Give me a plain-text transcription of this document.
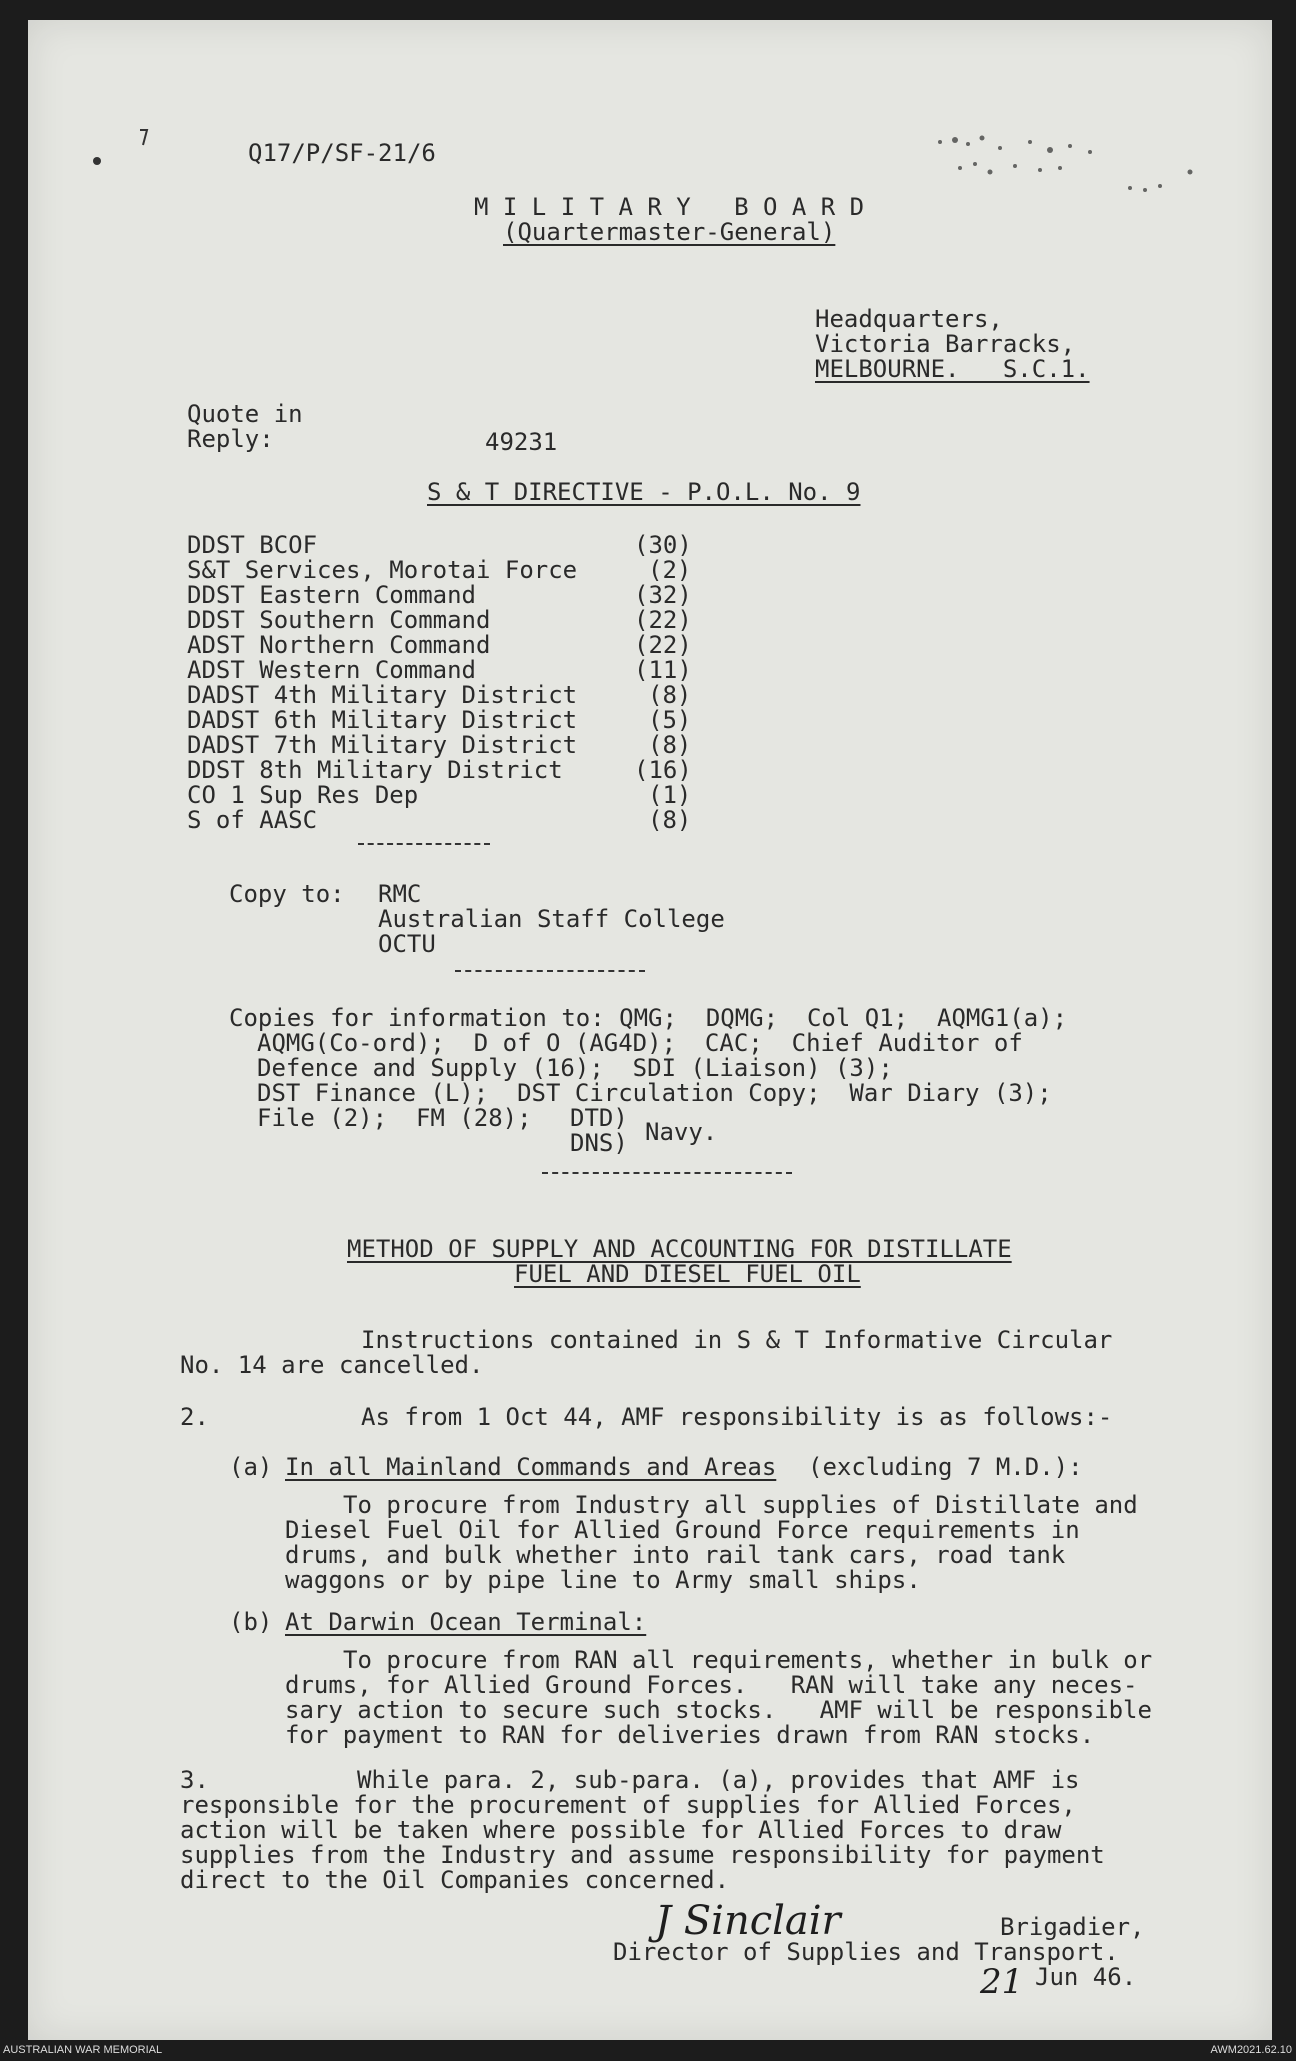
Q17/P/SF-21/6

M I L I T A R Y   B O A R D

(Quartermaster-General)

Headquarters,

Victoria Barracks,

MELBOURNE.   S.C.1.

Quote in

Reply:	49231

S & T DIRECTIVE - P.O.L. No. 9

DDST BCOF	(30)

S&T Services, Morotai Force	(2)

DDST Eastern Command	(32)

DDST Southern Command	(22)

ADST Northern Command	(22)

ADST Western Command	(11)

DADST 4th Military District	(8)

DADST 6th Military District	(5)

DADST 7th Military District	(8)

DDST 8th Military District	(16)

CO 1 Sup Res Dep	(1)

S of AASC	(8)

Copy to: RMC

Australian Staff College

OCTU

Copies for information to: QMG;  DQMG;  Col Q1;  AQMG1(a);

AQMG(Co-ord);  D of O (AG4D);  CAC;  Chief Auditor of

Defence and Supply (16);  SDI (Liaison) (3);

DST Finance (L);  DST Circulation Copy;  War Diary (3);

File (2);  FM (28); DTD)

DNS) Navy.

METHOD OF SUPPLY AND ACCOUNTING FOR DISTILLATE

FUEL AND DIESEL FUEL OIL

Instructions contained in S & T Informative Circular

No. 14 are cancelled.

2.	As from 1 Oct 44, AMF responsibility is as follows:-

(a) In all Mainland Commands and Areas (excluding 7 M.D.):

To procure from Industry all supplies of Distillate and

Diesel Fuel Oil for Allied Ground Force requirements in

drums, and bulk whether into rail tank cars, road tank

waggons or by pipe line to Army small ships.

(b) At Darwin Ocean Terminal:

To procure from RAN all requirements, whether in bulk or

drums, for Allied Ground Forces.   RAN will take any neces-

sary action to secure such stocks.   AMF will be responsible

for payment to RAN for deliveries drawn from RAN stocks.

3.	While para. 2, sub-para. (a), provides that AMF is

responsible for the procurement of supplies for Allied Forces,

action will be taken where possible for Allied Forces to draw

supplies from the Industry and assume responsibility for payment

direct to the Oil Companies concerned.

J Sinclair	Brigadier,

Director of Supplies and Transport.

21 Jun 46.

AUSTRALIAN WAR MEMORIAL	AWM2021.62.10
